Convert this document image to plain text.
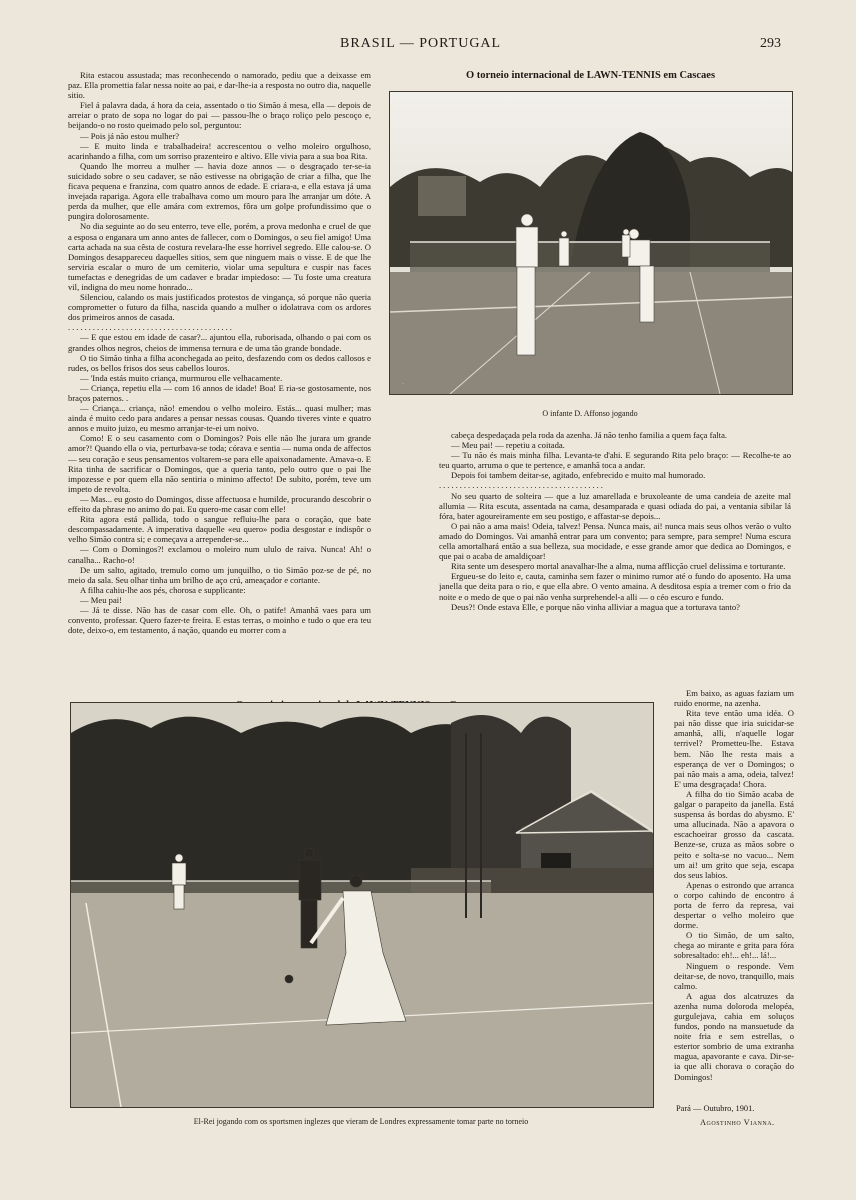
BRASIL — PORTUGAL	293

Rita estacou assustada; mas reconhecendo o namorado, pediu que a deixasse em paz. Ella promettia falar nessa noite ao pai, e dar-lhe-ia a resposta no outro dia, naquelle sitio.

Fiel á palavra dada, á hora da ceia, assentado o tio Simão á mesa, ella — depois de arreiar o prato de sopa no logar do pai — passou-lhe o braço roliço pelo pescoço e, beijando-o no rosto queimado pelo sol, perguntou:

— Pois já não estou mulher?

— E muito linda e trabalhadeira! accrescentou o velho moleiro orgulhoso, acarinhando a filha, com um sorriso prazenteiro e altivo. Elle vivia para a sua boa Rita.

Quando lhe morreu a mulher — havia doze annos — o desgraçado ter-se-ia suicidado sobre o seu cadaver, se não estivesse na obrigação de criar a filha, que lhe ficava pequena e franzina, com quatro annos de edade. E criara-a, e ella estava já uma invejada rapariga. Agora elle trabalhava como um mouro para lhe arranjar um dóte. A perda da mulher, que elle amára com extremos, fôra um golpe profundissimo que o pungira dolorosamente.

No dia seguinte ao do seu enterro, teve elle, porém, a prova medonha e cruel de que a esposa o enganara um anno antes de fallecer, com o Domingos, o seu fiel amigo! Uma carta achada na sua cêsta de costura revelara-lhe esse horrivel segredo. Elle calou-se. O Domingos desappareceu daquelles sitios, sem que ninguem mais o visse. E de que lhe serviria escalar o muro de um cemiterio, violar uma sepultura e cuspir nas faces tumefactas e denegridas de um cadaver e bradar impiedoso: — Tu foste uma creatura vil, indigna do meu nome honrado...

Silenciou, calando os mais justificados protestos de vingança, só porque não queria comprometter o futuro da filha, nascida quando a mulher o idolatrava com os ardores dos primeiros annos de casada.

........................................

— E que estou em idade de casar?... ajuntou ella, ruborisada, olhando o pai com os grandes olhos negros, cheios de immensa ternura e de uma tão grande bondade.

O tio Simão tinha a filha aconchegada ao peito, desfazendo com os dedos callosos e rudes, os bellos frisos dos seus cabellos louros.

— 'Inda estás muito criança, murmurou elle velhacamente.

— Criança, repetiu ella — com 16 annos de idade! Boa! E ria-se gostosamente, nos braços paternos. .

— Criança... criança, não! emendou o velho moleiro. Estás... quasi mulher; mas ainda é muito cedo para andares a pensar nessas cousas. Quando tiveres vinte e quatro annos e muito juizo, eu mesmo arranjar-te-ei um noivo.

Como! E o seu casamento com o Domingos? Pois elle não lhe jurara um grande amor?! Quando ella o via, perturbava-se toda; córava e sentia — numa onda de affectos — seu coração e seus pensamentos voltarem-se para elle apaixonadamente. Amava-o. E Rita tinha de sacrificar o Domingos, que a queria tanto, pelo outro que o pai lhe impozesse e por quem ella não sentiria o minimo affecto! De subito, porém, teve um impeto de revolta.

— Mas... eu gosto do Domingos, disse affectuosa e humilde, procurando descobrir o effeito da phrase no animo do pai. Eu quero-me casar com elle!

Rita agora está pallida, todo o sangue refluiu-lhe para o coração, que bate descompassadamente. A imperativa daquelle «eu quero» podia desgostar e indispôr o velho Simão contra si; e começava a arrepender-se...

— Com o Domingos?! exclamou o moleiro num ululo de raiva. Nunca! Ah! o canalha... Racho-o!

De um salto, agitado, tremulo como um junquilho, o tio Simão poz-se de pé, no meio da sala. Seu olhar tinha um brilho de aço crú, ameaçador e cortante.

A filha cahiu-lhe aos pés, chorosa e supplicante:

— Meu pai!

— Já te disse. Não has de casar com elle. Oh, o patife! Amanhã vaes para um convento, professar. Quero fazer-te freira. E estas terras, o moinho e tudo o que era teu dote, deixo-o, em testamento, á nação, quando eu morrer com a

O torneio internacional de LAWN-TENNIS em Cascaes
·
O infante D. Affonso jogando

cabeça despedaçada pela roda da azenha. Já não tenho familia a quem faça falta.

— Meu pai! — repetiu a coitada.

— Tu não és mais minha filha. Levanta-te d'ahi. E segurando Rita pelo braço: — Recolhe-te ao teu quarto, arruma o que te pertence, e amanhã toca a andar.

Depois foi tambem deitar-se, agitado, enfebrecido e muito mal humorado.

........................................

No seu quarto de solteira — que a luz amarellada e bruxoleante de uma candeia de azeite mal allumia — Rita escuta, assentada na cama, desamparada e quasi odiada do pai, a ventania sibilar lá fóra, bater agoureiramente em seu postigo, e affastar-se depois...

O pai não a ama mais! Odeia, talvez! Pensa. Nunca mais, ai! nunca mais seus olhos verão o vulto amado do Domingos. Vai amanhã entrar para um convento; para sempre, para sempre! Numa escura cella amortalhará então a sua belleza, sua mocidade, e esse grande amor que dedica ao Domingos, e que pai o acaba de amaldiçoar!

Rita sente um desespero mortal anavalhar-lhe a alma, numa afflicção cruel delissima e torturante.

Ergueu-se do leito e, cauta, caminha sem fazer o minimo rumor até o fundo do aposento. Ha uma janella que deita para o rio, e que ella abre. O vento amaina. A desditosa espia a tremer com o frio da noite e o medo de que o pai não venha surprehendel-a alli — o céo escuro e fundo.

Deus?! Onde estava Elle, e porque não vinha alliviar a magua que a torturava tanto?

El-Rei jogando com os sportsmen inglezes que vieram de Londres expressamente tomar parte no torneio

Em baixo, as aguas faziam um ruido enorme, na azenha.

Rita teve então uma idéa. O pai não disse que iria suicidar-se amanhã, alli, n'aquelle logar terrivel? Prometteu-lhe. Estava bem. Não lhe resta mais a esperança de ver o Domingos; o pai não mais a ama, odeia, talvez! E' uma desgraçada! Chora.

A filha do tio Simão acaba de galgar o parapeito da janella. Está suspensa ás bordas do abysmo. E' uma allucinada. Não a apavora o escachoeirar grosso da cascata. Benze-se, cruza as mãos sobre o peito e solta-se no vacuo... Nem um ai! um grito que seja, escapa dos seus labios.

Apenas o estrondo que arranca o corpo cahindo de encontro á porta de ferro da represa, vai despertar o velho moleiro que dorme.

O tio Simão, de um salto, chega ao mirante e grita para fóra sobresaltado: eh!... eh!... lá!...

Ninguem o responde. Vem deitar-se, de novo, tranquillo, mais calmo.

A agua dos alcatruzes da azenha numa doloroda melopéa, gurgulejava, cahia em soluços fundos, pondo na mansuetude da noite fria e sem estrellas, o estertor sombrio de uma extranha magua, apavorante e cava. Dir-se-ia que alli chorava o coração do Domingos!

Pará — Outubro, 1901.
Agostinho Vianna.
